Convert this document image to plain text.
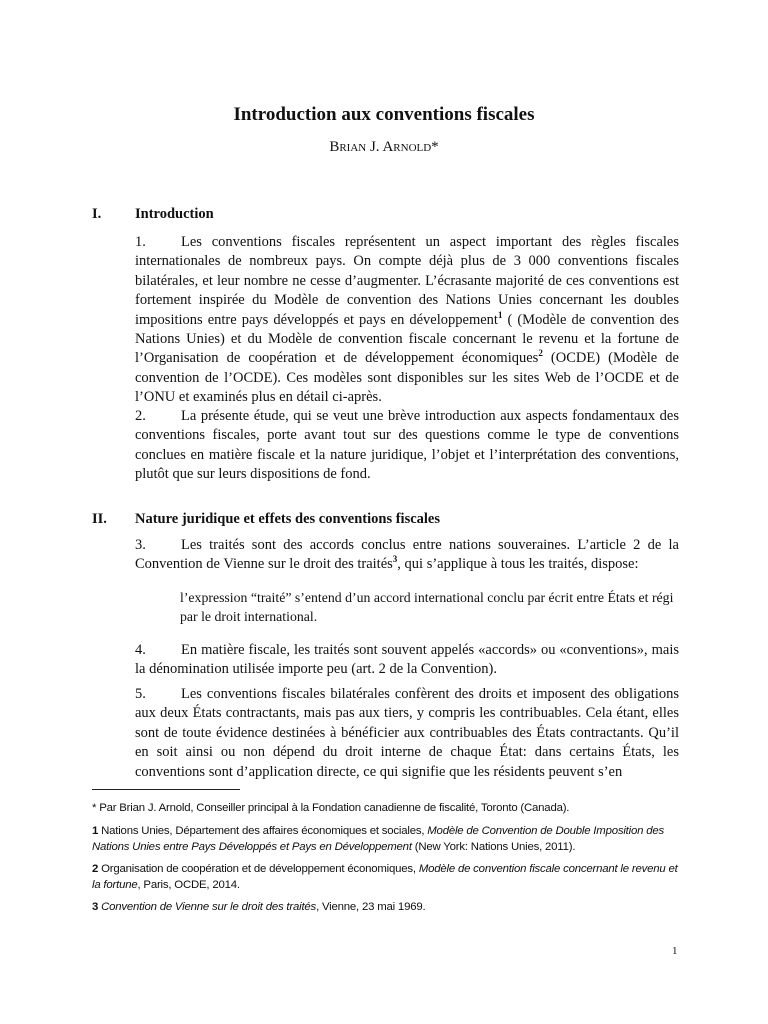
Introduction aux conventions fiscales
Brian J. Arnold*
I. Introduction

1. Les conventions fiscales représentent un aspect important des règles fiscales internationales de nombreux pays. On compte déjà plus de 3 000 conventions fiscales bilatérales, et leur nombre ne cesse d’augmenter. L’écrasante majorité de ces conventions est fortement inspirée du Modèle de convention des Nations Unies concernant les doubles impositions entre pays développés et pays en développement$^1$ ( (Modèle de convention des Nations Unies) et du Modèle de convention fiscale concernant le revenu et la fortune de l’Organisation de coopération et de développement économiques$^2$ (OCDE) (Modèle de convention de l’OCDE). Ces modèles sont disponibles sur les sites Web de l’OCDE et de l’ONU et examinés plus en détail ci-après.

2. La présente étude, qui se veut une brève introduction aux aspects fondamentaux des conventions fiscales, porte avant tout sur des questions comme le type de conventions conclues en matière fiscale et la nature juridique, l’objet et l’interprétation des conventions, plutôt que sur leurs dispositions de fond.

II. Nature juridique et effets des conventions fiscales

3. Les traités sont des accords conclus entre nations souveraines. L’article 2 de la Convention de Vienne sur le droit des traités$^3$, qui s’applique à tous les traités, dispose:

l’expression “traité” s’entend d’un accord international conclu par écrit entre États et régi par le droit international.

4. En matière fiscale, les traités sont souvent appelés «accords» ou «conventions», mais la dénomination utilisée importe peu (art. 2 de la Convention).

5. Les conventions fiscales bilatérales confèrent des droits et imposent des obligations aux deux États contractants, mais pas aux tiers, y compris les contribuables. Cela étant, elles sont de toute évidence destinées à bénéficier aux contribuables des États contractants. Qu’il en soit ainsi ou non dépend du droit interne de chaque État: dans certains États, les conventions sont d’application directe, ce qui signifie que les résidents peuvent s’en

* Par Brian J. Arnold, Conseiller principal à la Fondation canadienne de fiscalité, Toronto (Canada).

1 Nations Unies, Département des affaires économiques et sociales, Modèle de Convention de Double Imposition des Nations Unies entre Pays Développés et Pays en Développement (New York: Nations Unies, 2011).

2 Organisation de coopération et de développement économiques, Modèle de convention fiscale concernant le revenu et la fortune, Paris, OCDE, 2014.

3 Convention de Vienne sur le droit des traités, Vienne, 23 mai 1969.

1
